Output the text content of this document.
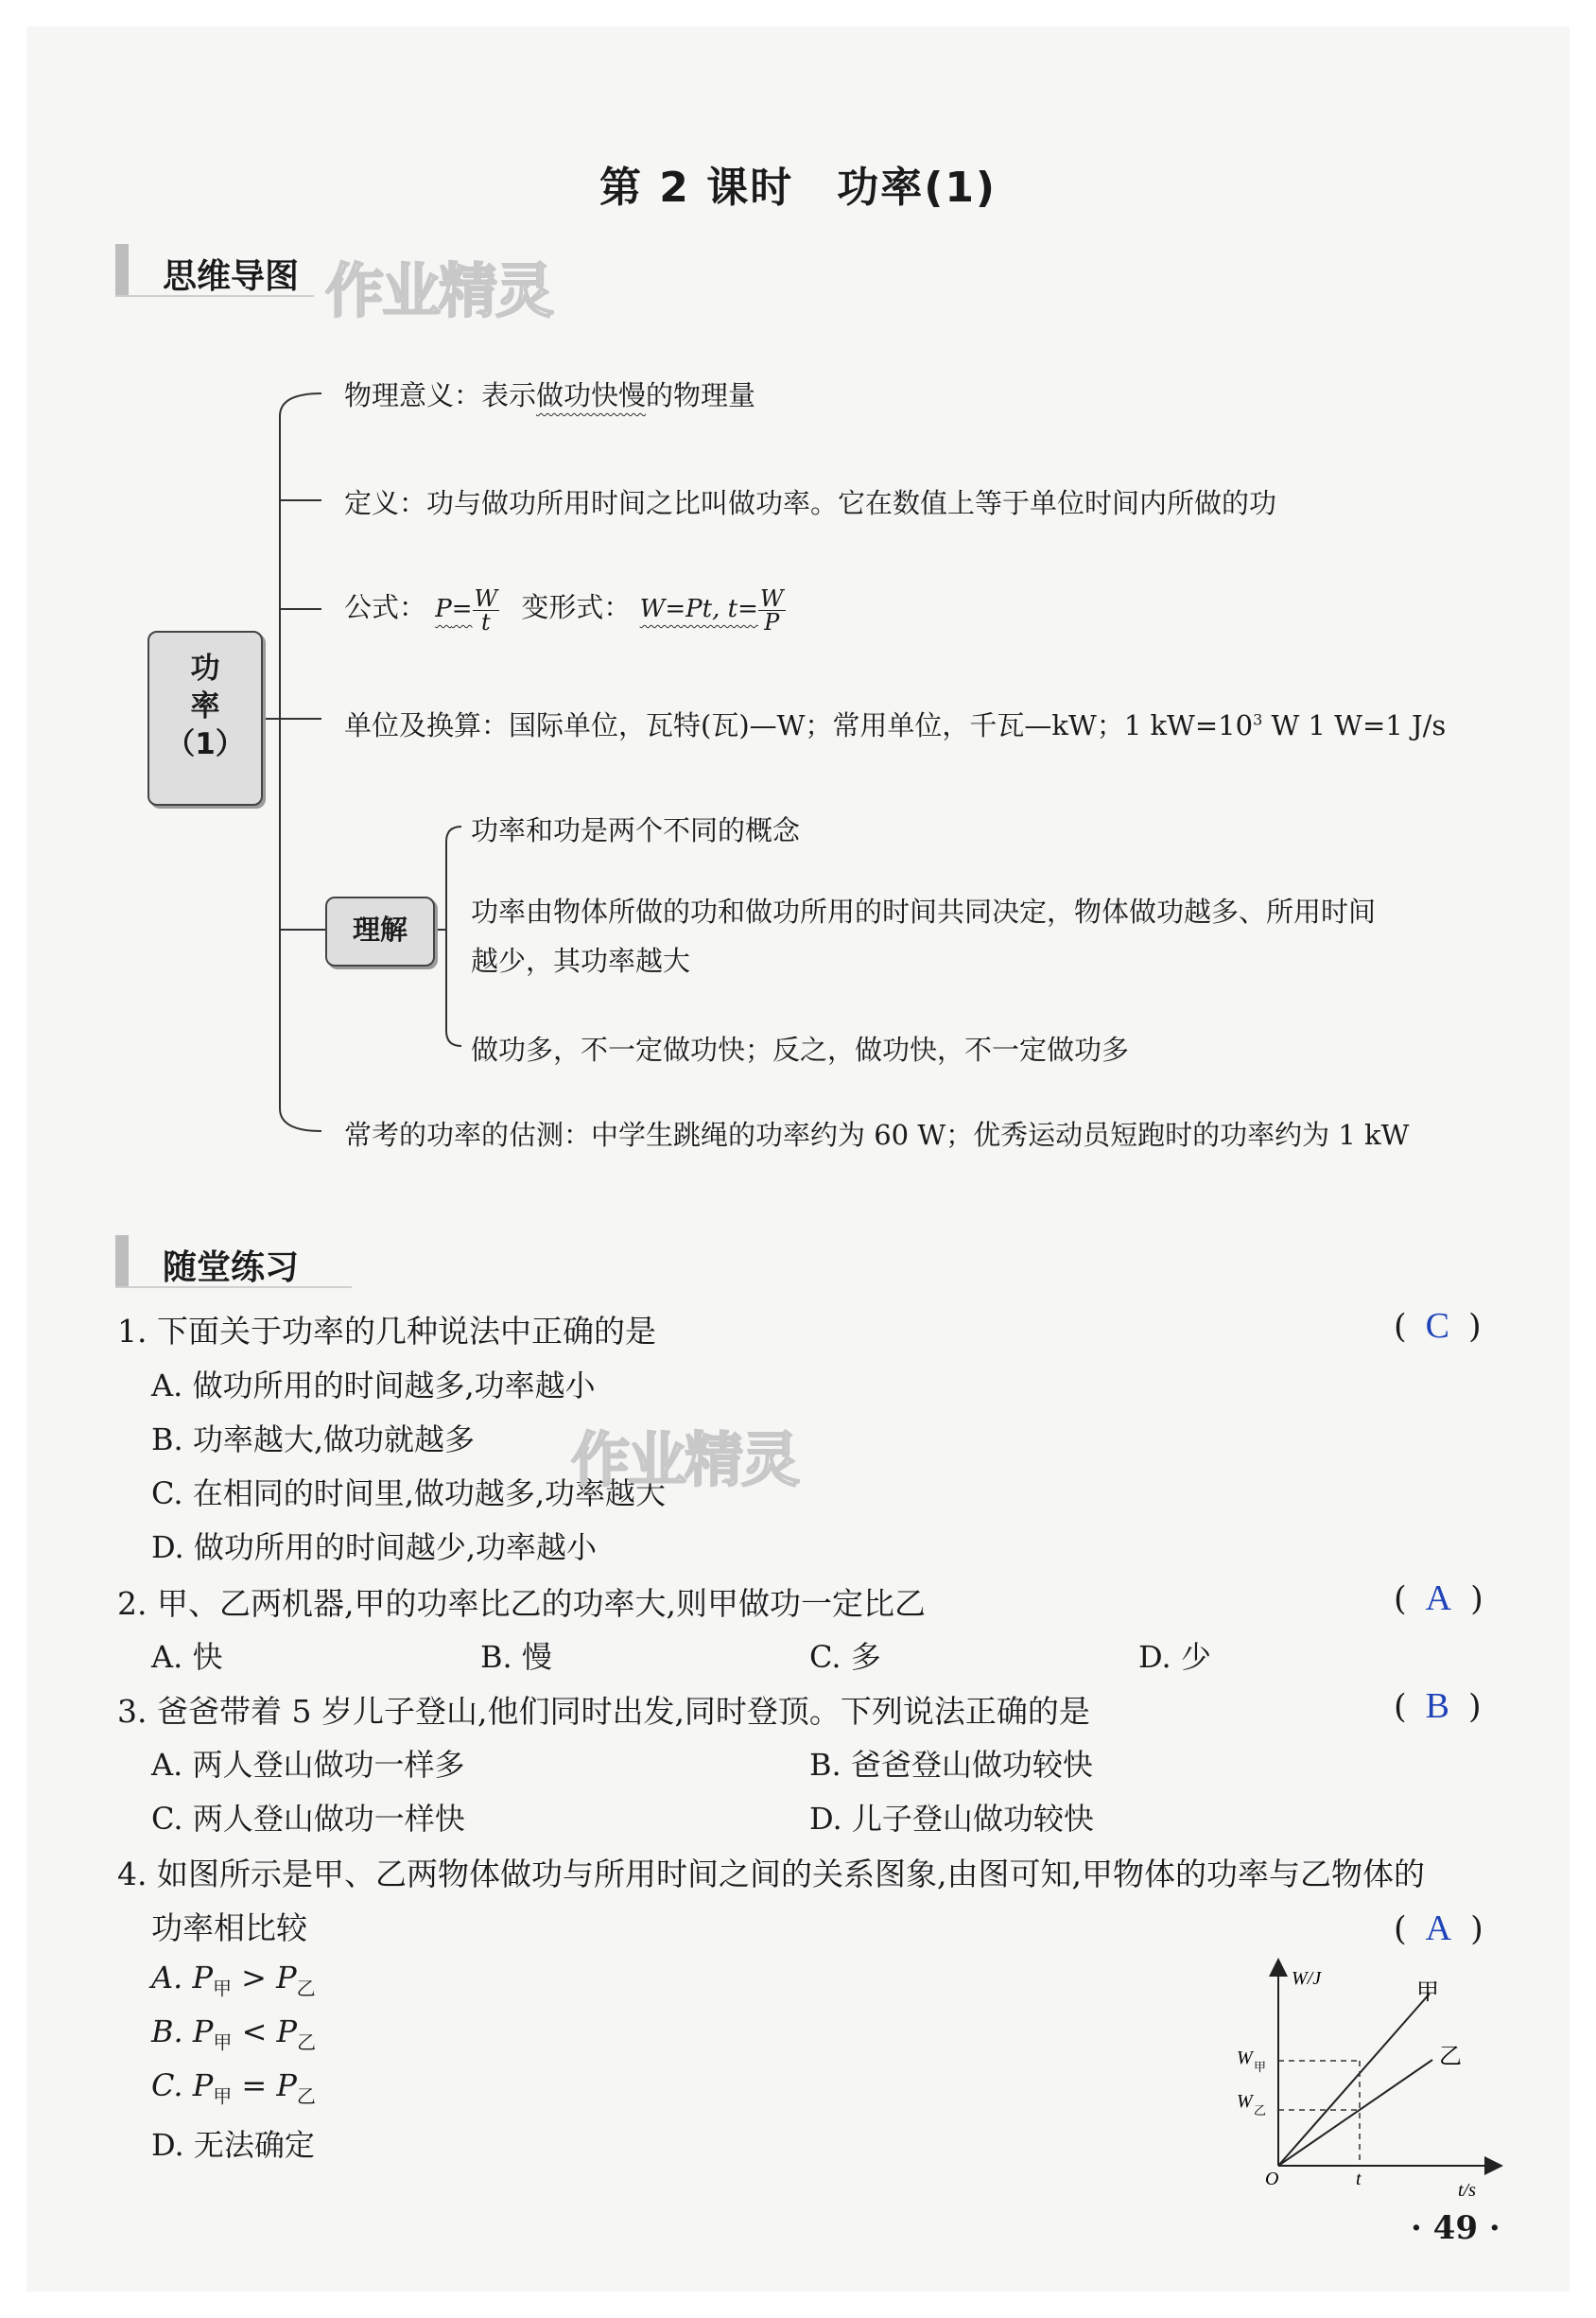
第 2 课时　功率(1)
思维导图 作业精灵
功
率
（1）
理解
物理意义：表示做功快慢的物理量
定义：功与做功所用时间之比叫做功率。它在数值上等于单位时间内所做的功
公式： $P= \frac{W}{t}$ 变形式： W=Pt, $t= \frac{W}{P}$
单位及换算：国际单位，瓦特(瓦)—W；常用单位，千瓦—kW；1 $kW=10^3$ W 1 W=1 J/s
功率和功是两个不同的概念
功率由物体所做的功和做功所用的时间共同决定，物体做功越多、所用时间
越少，其功率越大
做功多，不一定做功快；反之，做功快，不一定做功多
常考的功率的估测：中学生跳绳的功率约为 60 W；优秀运动员短跑时的功率约为 1 kW
随堂练习
1. 下面关于功率的几种说法中正确的是	( C )
A. 做功所用的时间越多,功率越小
B. 功率越大,做功就越多
C. 在相同的时间里,做功越多,功率越大
D. 做功所用的时间越少,功率越小
作业精灵
2. 甲、乙两机器,甲的功率比乙的功率大,则甲做功一定比乙	( A )
A. 快	B. 慢	C. 多	D. 少
3. 爸爸带着 5 岁儿子登山,他们同时出发,同时登顶。下列说法正确的是	( B )
A. 两人登山做功一样多	B. 爸爸登山做功较快
C. 两人登山做功一样快	D. 儿子登山做功较快
4. 如图所示是甲、乙两物体做功与所用时间之间的关系图象,由图可知,甲物体的功率与乙物体的
功率相比较	( A )
A. $P_甲 > P_乙$
B. $P_甲 < P_乙$
C. $P_甲 = P_乙$
D. 无法确定
W/J
t/s
O	t
W 甲
W 乙
甲
乙
· 49 ·
